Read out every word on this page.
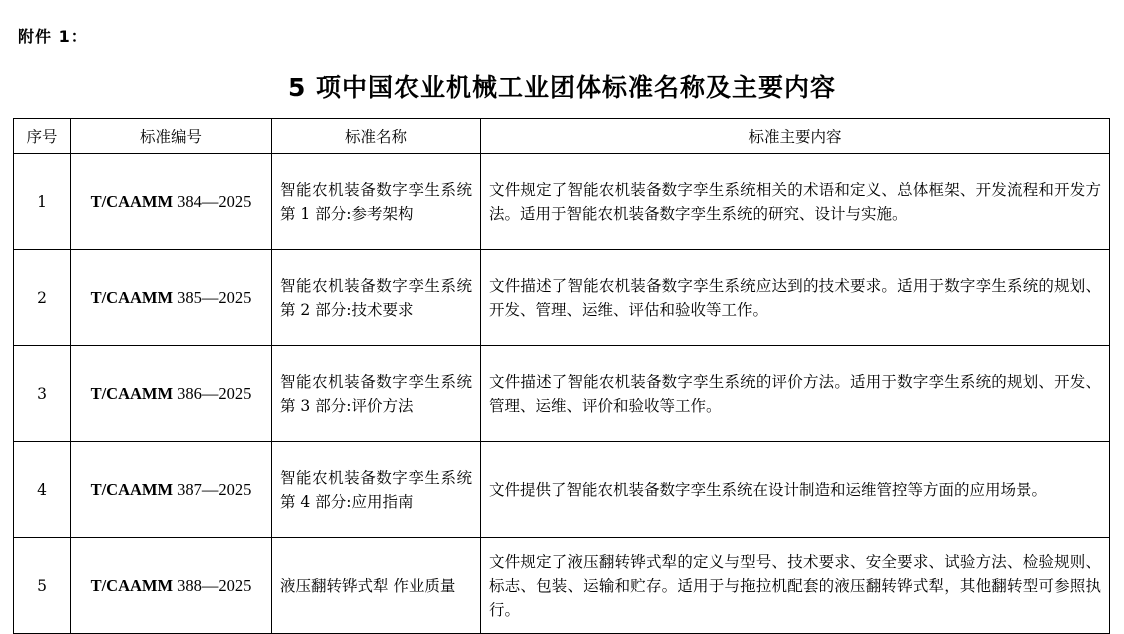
附件 1：
5 项中国农业机械工业团体标准名称及主要内容
序号	标准编号	标准名称	标准主要内容
1	T/CAAMM 384—2025	智能农机装备数字孪生系统 第 1 部分:参考架构	文件规定了智能农机装备数字孪生系统相关的术语和定义、总体框架、开发流程和开发方法。适用于智能农机装备数字孪生系统的研究、设计与实施。
2	T/CAAMM 385—2025	智能农机装备数字孪生系统 第 2 部分:技术要求	文件描述了智能农机装备数字孪生系统应达到的技术要求。适用于数字孪生系统的规划、开发、管理、运维、评估和验收等工作。
3	T/CAAMM 386—2025	智能农机装备数字孪生系统 第 3 部分:评价方法	文件描述了智能农机装备数字孪生系统的评价方法。适用于数字孪生系统的规划、开发、管理、运维、评价和验收等工作。
4	T/CAAMM 387—2025	智能农机装备数字孪生系统 第 4 部分:应用指南	文件提供了智能农机装备数字孪生系统在设计制造和运维管控等方面的应用场景。
5	T/CAAMM 388—2025	液压翻转铧式犁 作业质量	文件规定了液压翻转铧式犁的定义与型号、技术要求、安全要求、试验方法、检验规则、标志、包装、运输和贮存。适用于与拖拉机配套的液压翻转铧式犁，其他翻转型可参照执行。
